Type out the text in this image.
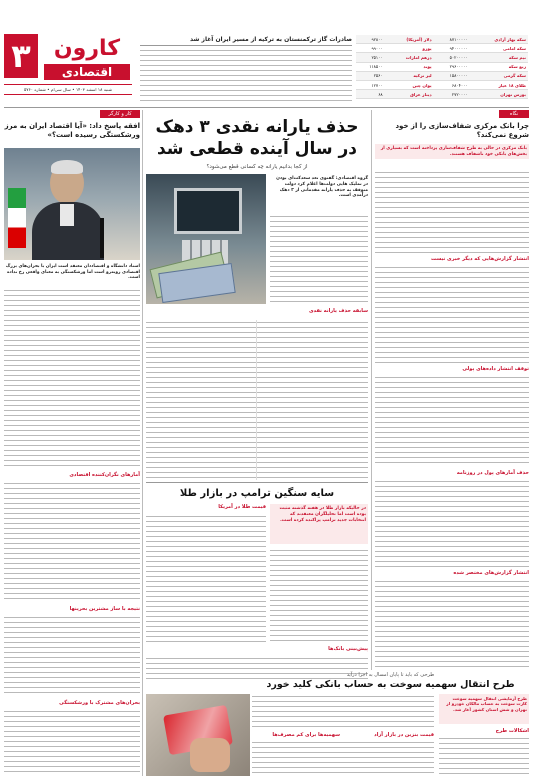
۳	کارون
اقتصادی
شنبه ۱۸ اسفند ۱۴۰۳ • سال سی‌ام • شماره ۵۷۶۰
صادرات گاز ترکمنستان به ترکیه از مسیر ایران آغاز شد	سکه بهار آزادی	۸۷۱۰۰۰۰۰	دلار (آمریکا)	۹۲۸۰۰
سکه امامی	۹۴۰۰۰۰۰۰	یورو	۹۹۰۰۰
نیم سکه	۵۰۲۰۰۰۰۰	درهم امارات	۲۵۱۰۰
ربع سکه	۲۹۶۰۰۰۰۰	پوند	۱۱۸۵۰۰
سکه گرمی	۱۵۸۰۰۰۰۰	لیر ترکیه	۲۵۶۰
طلای ۱۸ عیار	۶۸۰۴۰۰۰	یوان چین	۱۲۷۰۰
بورس تهران	۲۷۲۰۰۰۰	دینار عراق	۶۸
کار و کارگر
افقه پاسخ داد: «آیا اقتصاد ایران به مرز ورشکستگی رسیده است؟»
استاد دانشگاه و اقتصاددان معتقد است ایران با بحران‌های بزرگ اقتصادی روبه‌رو است اما ورشکستگی به معنای واقعی رخ نداده است.
آمارهای نگران‌کننده اقتصادی
نتیجه با ساز مشترین بحرینها
بحران‌های مشترک با ورشکستگی
حذف یارانه نقدی ۳ دهک در سال آینده قطعی شد
از کجا بدانیم یارانه چه کسانی قطع می‌شود؟
گروه اقتصادی: گفتوی تعد سعدکت‌ای بودن در تملیک هایی دولت‌ها اعلام کرد دولت متوقف به حذف یارانه مقدماتی از ۳ دهک درآمدی است.
سابقه حذف یارانه نقدی
سایه سنگین ترامپ در بازار طلا
در حالیکه بازار طلا در هفته گذشته مثبت بوده است اما تحلیلگران معتقدند که انتخابات جدید ترامپ پراکنده کرده است.
قیمت طلا در آمریکا
پیش‌بینی بانک‌ها
نگاه
چرا بانک مرکزی شفاف‌سازی را از خود شروع نمی‌کند؟
بانک مرکزی در حالی به طرح شفاف‌سازی پرداخته است که بسیاری از بخش‌های بانکی خود ناشفاف هستند.
انتشار گزارش‌هایی که دیگر خبری نیست
توقف انتشار داده‌های پولی
حذف آمارهای پول در روزنامه
انتشار گزارش‌های مختصر شده
طرحی که باید تا پایان امسال به اجرا درآید
طرح انتقال سهمیه سوخت به حساب بانکی کلید خورد
طرح آزمایشی انتقال سهمیه سوخت کارت سوخت به حساب مالکان خودرو از تهران و شش استان کشور آغاز شد.
اشکالات طرح
سهمیه‌ها برای کم مصرف‌ها	قیمت بنزین در بازار آزاد
